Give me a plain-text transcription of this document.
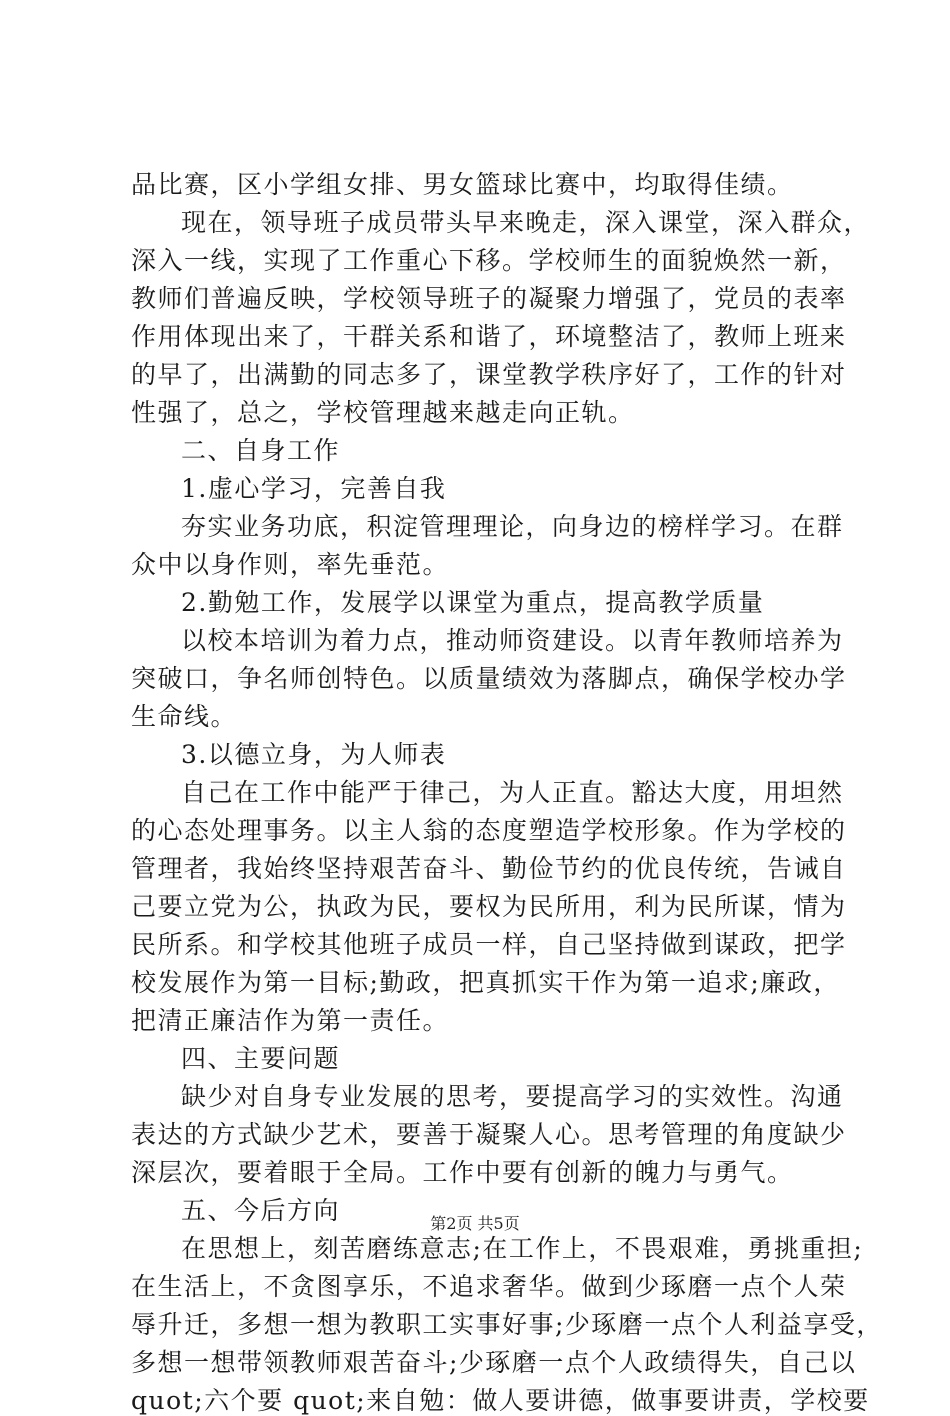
品比赛，区小学组女排、男女篮球比赛中，均取得佳绩。
现在，领导班子成员带头早来晚走，深入课堂，深入群众，
深入一线，实现了工作重心下移。学校师生的面貌焕然一新，
教师们普遍反映，学校领导班子的凝聚力增强了，党员的表率
作用体现出来了，干群关系和谐了，环境整洁了，教师上班来
的早了，出满勤的同志多了，课堂教学秩序好了，工作的针对
性强了，总之，学校管理越来越走向正轨。
二、自身工作
1.虚心学习，完善自我
夯实业务功底，积淀管理理论，向身边的榜样学习。在群
众中以身作则，率先垂范。
2.勤勉工作，发展学以课堂为重点，提高教学质量
以校本培训为着力点，推动师资建设。以青年教师培养为
突破口，争名师创特色。以质量绩效为落脚点，确保学校办学
生命线。
3.以德立身，为人师表
自己在工作中能严于律己，为人正直。豁达大度，用坦然
的心态处理事务。以主人翁的态度塑造学校形象。作为学校的
管理者，我始终坚持艰苦奋斗、勤俭节约的优良传统，告诫自
己要立党为公，执政为民，要权为民所用，利为民所谋，情为
民所系。和学校其他班子成员一样，自己坚持做到谋政，把学
校发展作为第一目标;勤政，把真抓实干作为第一追求;廉政，
把清正廉洁作为第一责任。
四、主要问题
缺少对自身专业发展的思考，要提高学习的实效性。沟通
表达的方式缺少艺术，要善于凝聚人心。思考管理的角度缺少
深层次，要着眼于全局。工作中要有创新的魄力与勇气。
五、今后方向
在思想上，刻苦磨练意志;在工作上，不畏艰难，勇挑重担;
在生活上，不贪图享乐，不追求奢华。做到少琢磨一点个人荣
辱升迁，多想一想为教职工实事好事;少琢磨一点个人利益享受，
多想一想带领教师艰苦奋斗;少琢磨一点个人政绩得失，自己以
quot;六个要 quot;来自勉：做人要讲德，做事要讲责，学校要
第2页 共5页
